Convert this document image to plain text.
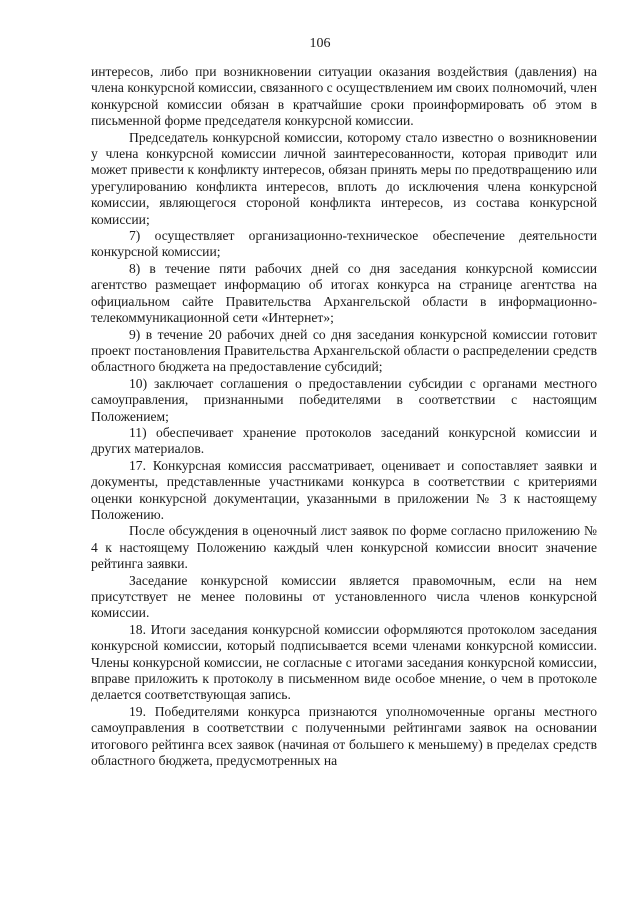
106

интересов, либо при возникновении ситуации оказания воздействия (давления) на члена конкурсной комиссии, связанного с осуществлением им своих полномочий, член конкурсной комиссии обязан в кратчайшие сроки проинформировать об этом в письменной форме председателя конкурсной комиссии.

Председатель конкурсной комиссии, которому стало известно о возникновении у члена конкурсной комиссии личной заинтересованности, которая приводит или может привести к конфликту интересов, обязан принять меры по предотвращению или урегулированию конфликта интересов, вплоть до исключения члена конкурсной комиссии, являющегося стороной конфликта интересов, из состава конкурсной комиссии;

7) осуществляет организационно-техническое обеспечение деятельности конкурсной комиссии;

8) в течение пяти рабочих дней со дня заседания конкурсной комиссии агентство размещает информацию об итогах конкурса на странице агентства на официальном сайте Правительства Архангельской области в информационно-телекоммуникационной сети «Интернет»;

9) в течение 20 рабочих дней со дня заседания конкурсной комиссии готовит проект постановления Правительства Архангельской области о распределении средств областного бюджета на предоставление субсидий;

10) заключает соглашения о предоставлении субсидии с органами местного самоуправления, признанными победителями в соответствии с настоящим Положением;

11) обеспечивает хранение протоколов заседаний конкурсной комиссии и других материалов.

17. Конкурсная комиссия рассматривает, оценивает и сопоставляет заявки и документы, представленные участниками конкурса в соответствии с критериями оценки конкурсной документации, указанными в приложении № 3 к настоящему Положению.

После обсуждения в оценочный лист заявок по форме согласно приложению № 4 к настоящему Положению каждый член конкурсной комиссии вносит значение рейтинга заявки.

Заседание конкурсной комиссии является правомочным, если на нем присутствует не менее половины от установленного числа членов конкурсной комиссии.

18. Итоги заседания конкурсной комиссии оформляются протоколом заседания конкурсной комиссии, который подписывается всеми членами конкурсной комиссии. Члены конкурсной комиссии, не согласные с итогами заседания конкурсной комиссии, вправе приложить к протоколу в письменном виде особое мнение, о чем в протоколе делается соответствующая запись.

19. Победителями конкурса признаются уполномоченные органы местного самоуправления в соответствии с полученными рейтингами заявок на основании итогового рейтинга всех заявок (начиная от большего к меньшему) в пределах средств областного бюджета, предусмотренных на
